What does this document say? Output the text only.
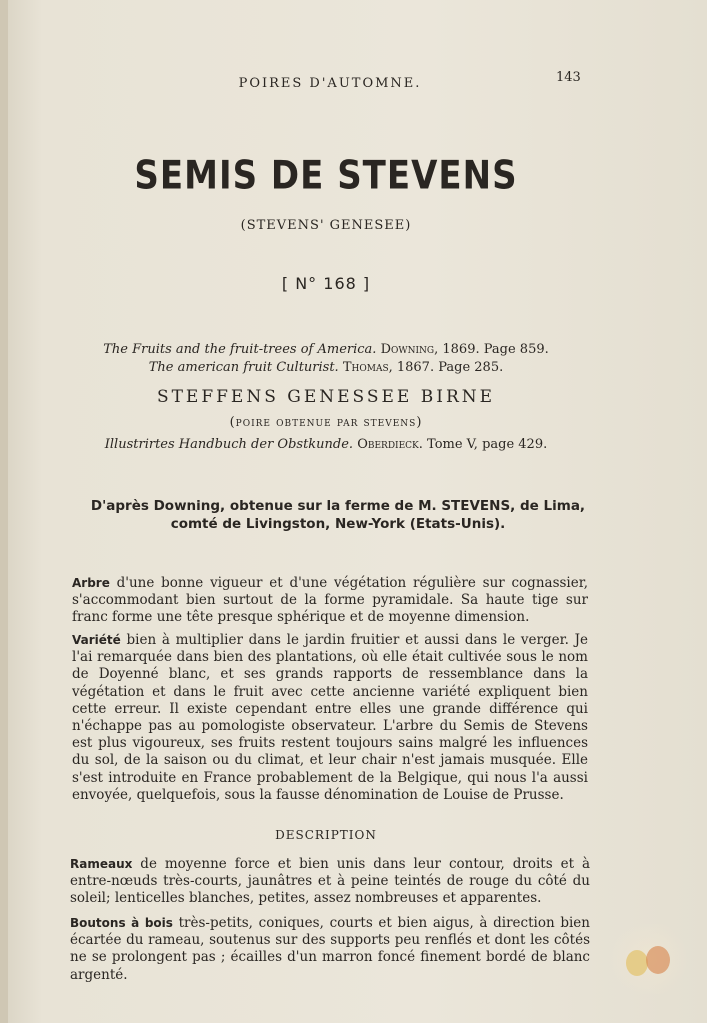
POIRES D'AUTOMNE.	143
SEMIS DE STEVENS
(STEVENS' GENESEE)
[ N° 168 ]
The Fruits and the fruit-trees of America. Downing, 1869. Page 859.
The american fruit Culturist. Thomas, 1867. Page 285.
STEFFENS GENESSEE BIRNE
(poire obtenue par stevens)
Illustrirtes Handbuch der Obstkunde. Oberdieck. Tome V, page 429.
D'après Downing, obtenue sur la ferme de M. STEVENS, de Lima, comté de Livingston, New-York (Etats-Unis).
Arbre d'une bonne vigueur et d'une végétation régulière sur cognassier, s'accommodant bien surtout de la forme pyramidale. Sa haute tige sur franc forme une tête presque sphérique et de moyenne dimension.
Variété bien à multiplier dans le jardin fruitier et aussi dans le verger. Je l'ai remarquée dans bien des plantations, où elle était cultivée sous le nom de Doyenné blanc, et ses grands rapports de ressemblance dans la végétation et dans le fruit avec cette ancienne variété expliquent bien cette erreur. Il existe cependant entre elles une grande différence qui n'échappe pas au pomologiste observateur. L'arbre du Semis de Stevens est plus vigoureux, ses fruits restent toujours sains malgré les influences du sol, de la saison ou du climat, et leur chair n'est jamais musquée. Elle s'est introduite en France probablement de la Belgique, qui nous l'a aussi envoyée, quelquefois, sous la fausse dénomination de Louise de Prusse.
DESCRIPTION
Rameaux de moyenne force et bien unis dans leur contour, droits et à entre-nœuds très-courts, jaunâtres et à peine teintés de rouge du côté du soleil; lenticelles blanches, petites, assez nombreuses et apparentes.
Boutons à bois très-petits, coniques, courts et bien aigus, à direction bien écartée du rameau, soutenus sur des supports peu renflés et dont les côtés ne se prolongent pas ; écailles d'un marron foncé finement bordé de blanc argenté.
